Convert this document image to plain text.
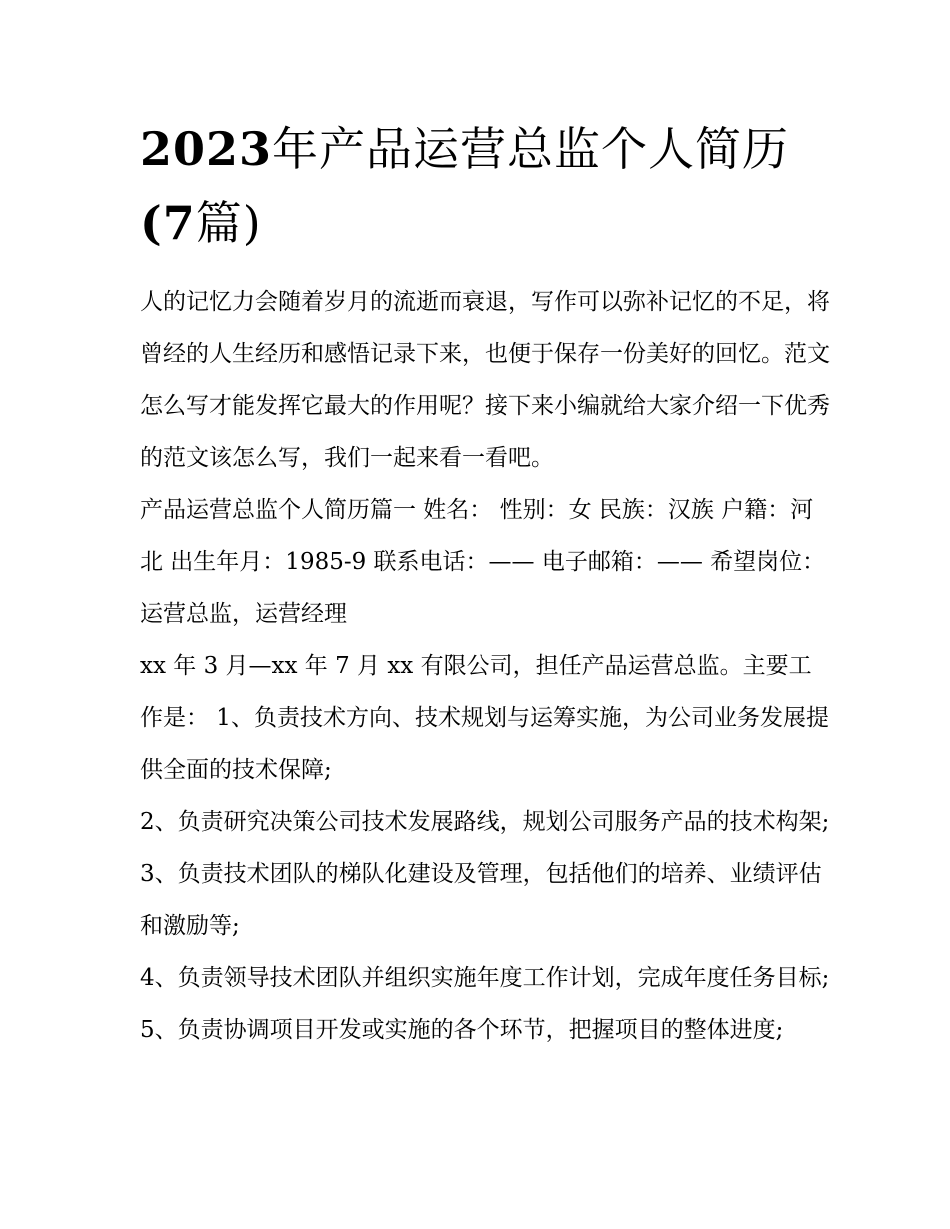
2023年产品运营总监个人简历
(7篇)

人的记忆力会随着岁月的流逝而衰退，写作可以弥补记忆的不足，将曾经的人生经历和感悟记录下来，也便于保存一份美好的回忆。范文怎么写才能发挥它最大的作用呢？接下来小编就给大家介绍一下优秀的范文该怎么写，我们一起来看一看吧。

产品运营总监个人简历篇一 姓名： 性别：女 民族：汉族 户籍：河北 出生年月：1985-9 联系电话：—— 电子邮箱：—— 希望岗位：运营总监，运营经理

xx 年 3 月—xx 年 7 月 xx 有限公司，担任产品运营总监。主要工作是： 1、负责技术方向、技术规划与运筹实施，为公司业务发展提供全面的技术保障;

2、负责研究决策公司技术发展路线，规划公司服务产品的技术构架; 3、负责技术团队的梯队化建设及管理，包括他们的培养、业绩评估和激励等;

4、负责领导技术团队并组织实施年度工作计划，完成年度任务目标; 5、负责协调项目开发或实施的各个环节，把握项目的整体进度;
